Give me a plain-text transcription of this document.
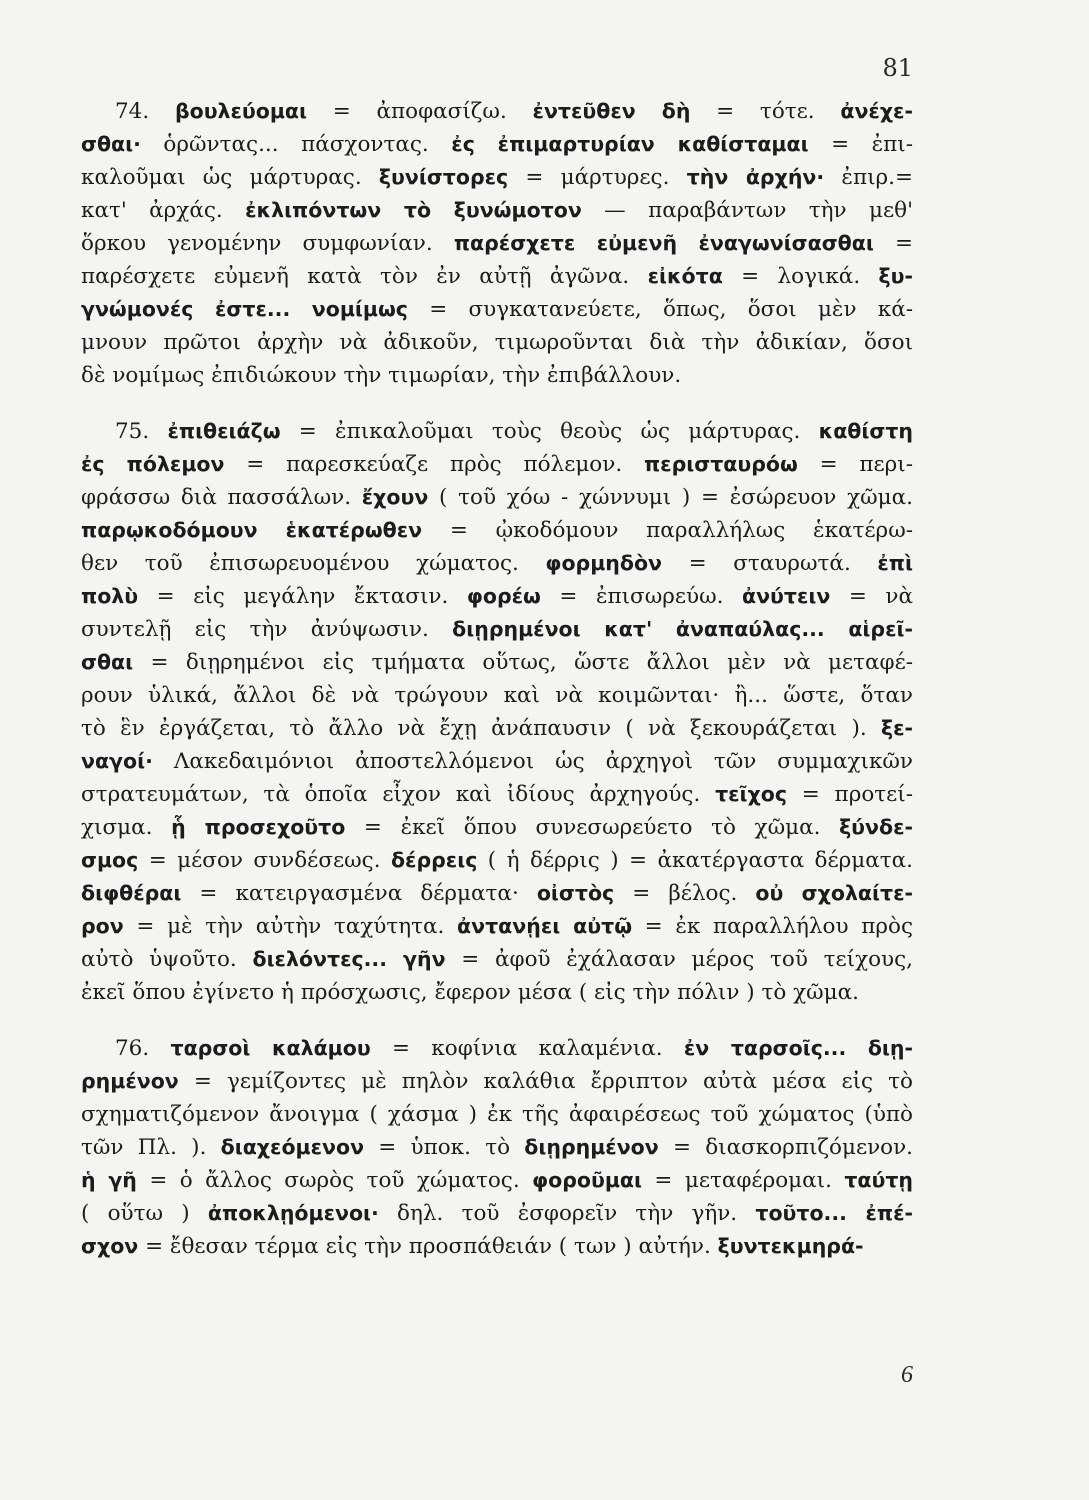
81
74. βουλεύομαι = ἀποφασίζω. ἐντεῦθεν δὴ = τότε. ἀνέχε-
σθαι· ὁρῶντας... πάσχοντας. ἐς ἐπιμαρτυρίαν καθίσταμαι = ἐπι-
καλοῦμαι ὡς μάρτυρας. ξυνίστορες = μάρτυρες. τὴν ἀρχήν· ἐπιρ.=
κατ' ἀρχάς. ἐκλιπόντων τὸ ξυνώμοτον — παραβάντων τὴν μεθ'
ὅρκου γενομένην συμφωνίαν. παρέσχετε εὐμενῆ ἐναγωνίσασθαι =
παρέσχετε εὐμενῆ κατὰ τὸν ἐν αὐτῇ ἀγῶνα. εἰκότα = λογικά. ξυ-
γνώμονές ἐστε... νομίμως = συγκατανεύετε, ὅπως, ὅσοι μὲν κά-
μνουν πρῶτοι ἀρχὴν νὰ ἀδικοῦν, τιμωροῦνται διὰ τὴν ἀδικίαν, ὅσοι
δὲ νομίμως ἐπιδιώκουν τὴν τιμωρίαν, τὴν ἐπιβάλλουν.
75. ἐπιθειάζω = ἐπικαλοῦμαι τοὺς θεοὺς ὡς μάρτυρας. καθίστη
ἐς πόλεμον = παρεσκεύαζε πρὸς πόλεμον. περισταυρόω = περι-
φράσσω διὰ πασσάλων. ἔχουν ( τοῦ χόω - χώννυμι ) = ἐσώρευον χῶμα.
παρῳκοδόμουν ἑκατέρωθεν = ᾠκοδόμουν παραλλήλως ἑκατέρω-
θεν τοῦ ἐπισωρευομένου χώματος. φορμηδὸν = σταυρωτά. ἐπὶ
πολὺ = εἰς μεγάλην ἔκτασιν. φορέω = ἐπισωρεύω. ἀνύτειν = νὰ
συντελῇ εἰς τὴν ἀνύψωσιν. διῃρημένοι κατ' ἀναπαύλας... αἱρεῖ-
σθαι = διῃρημένοι εἰς τμήματα οὕτως, ὥστε ἄλλοι μὲν νὰ μεταφέ-
ρουν ὑλικά, ἄλλοι δὲ νὰ τρώγουν καὶ νὰ κοιμῶνται· ἢ... ὥστε, ὅταν
τὸ ἓν ἐργάζεται, τὸ ἄλλο νὰ ἔχῃ ἀνάπαυσιν ( νὰ ξεκουράζεται ). ξε-
ναγοί· Λακεδαιμόνιοι ἀποστελλόμενοι ὡς ἀρχηγοὶ τῶν συμμαχικῶν
στρατευμάτων, τὰ ὁποῖα εἶχον καὶ ἰδίους ἀρχηγούς. τεῖχος = προτεί-
χισμα. ᾗ προσεχοῦτο = ἐκεῖ ὅπου συνεσωρεύετο τὸ χῶμα. ξύνδε-
σμος = μέσον συνδέσεως. δέρρεις ( ἡ δέρρις ) = ἀκατέργαστα δέρματα.
διφθέραι = κατειργασμένα δέρματα· οἰστὸς = βέλος. οὐ σχολαίτε-
ρον = μὲ τὴν αὐτὴν ταχύτητα. ἀντανῄει αὐτῷ = ἐκ παραλλήλου πρὸς
αὐτὸ ὑψοῦτο. διελόντες... γῆν = ἀφοῦ ἐχάλασαν μέρος τοῦ τείχους,
ἐκεῖ ὅπου ἐγίνετο ἡ πρόσχωσις, ἔφερον μέσα ( εἰς τὴν πόλιν ) τὸ χῶμα.
76. ταρσοὶ καλάμου = κοφίνια καλαμένια. ἐν ταρσοῖς... διῃ-
ρημένον = γεμίζοντες μὲ πηλὸν καλάθια ἔρριπτον αὐτὰ μέσα εἰς τὸ
σχηματιζόμενον ἄνοιγμα ( χάσμα ) ἐκ τῆς ἀφαιρέσεως τοῦ χώματος (ὑπὸ
τῶν Πλ. ). διαχεόμενον = ὑποκ. τὸ διῃρημένον = διασκορπιζόμενον.
ἡ γῆ = ὁ ἄλλος σωρὸς τοῦ χώματος. φοροῦμαι = μεταφέρομαι. ταύτῃ
( οὕτω ) ἀποκλῃόμενοι· δηλ. τοῦ ἐσφορεῖν τὴν γῆν. τοῦτο... ἐπέ-
σχον = ἔθεσαν τέρμα εἰς τὴν προσπάθειάν ( των ) αὐτήν. ξυντεκμηρά-
6
